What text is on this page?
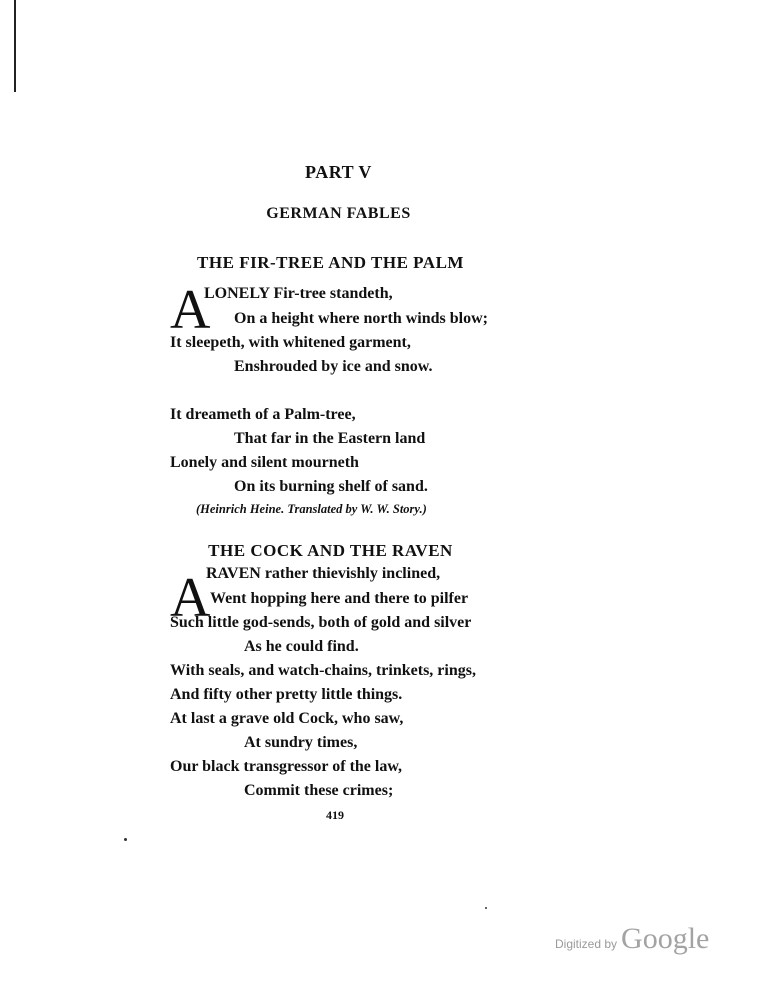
PART V
GERMAN FABLES
THE FIR-TREE AND THE PALM
A
LONELY Fir-tree standeth,
On a height where north winds blow;
It sleepeth, with whitened garment,
Enshrouded by ice and snow.
It dreameth of a Palm-tree,
That far in the Eastern land
Lonely and silent mourneth
On its burning shelf of sand.
(Heinrich Heine. Translated by W. W. Story.)
THE COCK AND THE RAVEN
A
RAVEN rather thievishly inclined,
Went hopping here and there to pilfer
Such little god-sends, both of gold and silver
As he could find.
With seals, and watch-chains, trinkets, rings,
And fifty other pretty little things.
At last a grave old Cock, who saw,
At sundry times,
Our black transgressor of the law,
Commit these crimes;
419
Digitized by Google
